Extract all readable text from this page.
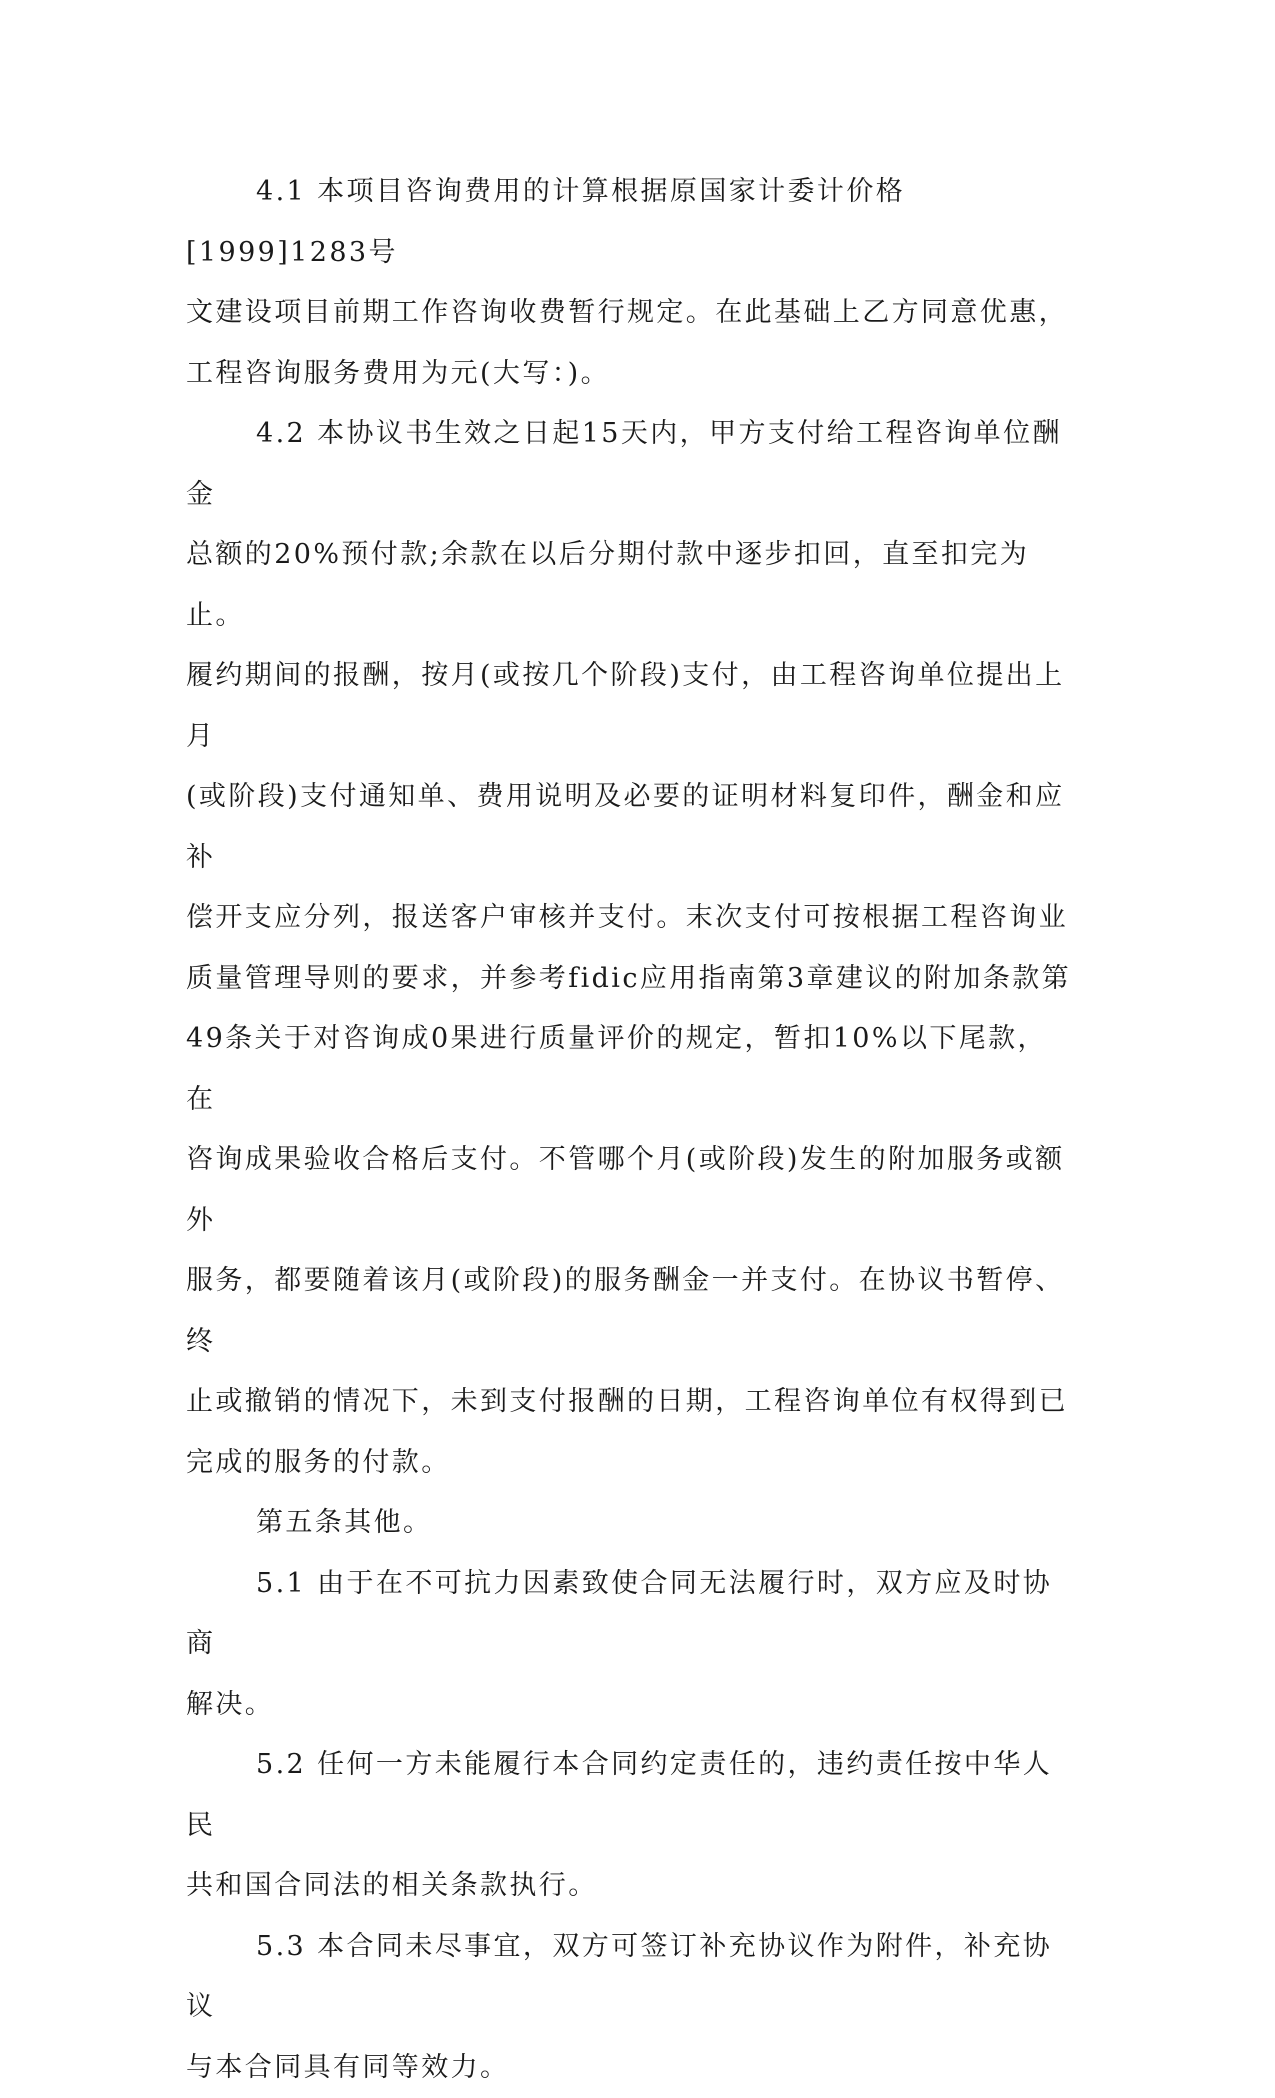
4.1 本项目咨询费用的计算根据原国家计委计价格[1999]1283号
文建设项目前期工作咨询收费暂行规定。在此基础上乙方同意优惠，
工程咨询服务费用为元(大写：)。

4.2 本协议书生效之日起15天内，甲方支付给工程咨询单位酬金
总额的20%预付款;余款在以后分期付款中逐步扣回，直至扣完为止。
履约期间的报酬，按月(或按几个阶段)支付，由工程咨询单位提出上月
(或阶段)支付通知单、费用说明及必要的证明材料复印件，酬金和应补
偿开支应分列，报送客户审核并支付。末次支付可按根据工程咨询业
质量管理导则的要求，并参考fidic应用指南第3章建议的附加条款第
49条关于对咨询成0果进行质量评价的规定，暂扣10%以下尾款，在
咨询成果验收合格后支付。不管哪个月(或阶段)发生的附加服务或额外
服务，都要随着该月(或阶段)的服务酬金一并支付。在协议书暂停、终
止或撤销的情况下，未到支付报酬的日期，工程咨询单位有权得到已
完成的服务的付款。

第五条其他。

5.1 由于在不可抗力因素致使合同无法履行时，双方应及时协商
解决。

5.2 任何一方未能履行本合同约定责任的，违约责任按中华人民
共和国合同法的相关条款执行。

5.3 本合同未尽事宜，双方可签订补充协议作为附件，补充协议
与本合同具有同等效力。
